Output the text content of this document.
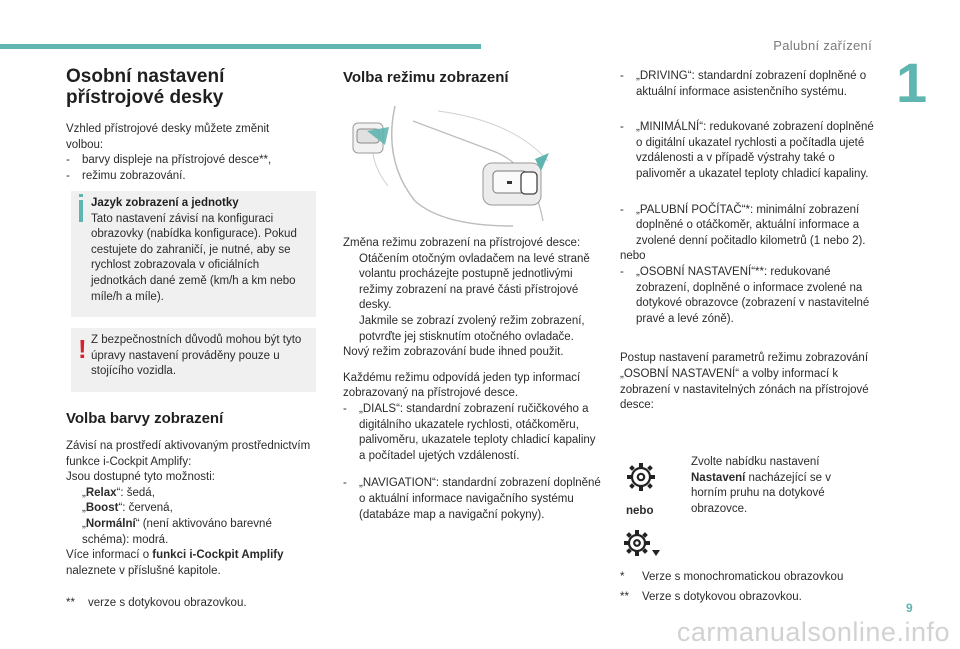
Palubní zařízení
1
Osobní nastavení
přístrojové desky

Vzhled přístrojové desky můžete změnit volbou:

- barvy displeje na přístrojové desce**,
- režimu zobrazování.

Jazyk zobrazení a jednotky

Tato nastavení závisí na konfiguraci obrazovky (nabídka konfigurace). Pokud cestujete do zahraničí, je nutné, aby se rychlost zobrazovala v oficiálních jednotkách dané země (km/h a km nebo míle/h a míle).

! Z bezpečnostních důvodů mohou být tyto úpravy nastavení prováděny pouze u stojícího vozidla.

Volba barvy zobrazení

Závisí na prostředí aktivovaným prostřednictvím funkce i-Cockpit Amplify:

Jsou dostupné tyto možnosti:

„Relax“: šedá,
„Boost“: červená,
„Normální“ (není aktivováno barevné schéma): modrá.

Více informací o funkci i-Cockpit Amplify naleznete v příslušné kapitole.

** verze s dotykovou obrazovkou.
Volba režimu zobrazení

Změna režimu zobrazení na přístrojové desce:

Otáčením otočným ovladačem na levé straně volantu procházejte postupně jednotlivými režimy zobrazení na pravé části přístrojové desky.
Jakmile se zobrazí zvolený režim zobrazení, potvrďte jej stisknutím otočného ovladače.

Nový režim zobrazování bude ihned použit.

Každému režimu odpovídá jeden typ informací zobrazovaný na přístrojové desce.

- „DIALS“: standardní zobrazení ručičkového a digitálního ukazatele rychlosti, otáčkoměru, palivoměru, ukazatele teploty chladicí kapaliny a počítadel ujetých vzdáleností.
- „NAVIGATION“: standardní zobrazení doplněné o aktuální informace navigačního systému (databáze map a navigační pokyny).
- „DRIVING“: standardní zobrazení doplněné o aktuální informace asistenčního systému.
- „MINIMÁLNÍ“: redukované zobrazení doplněné o digitální ukazatel rychlosti a počítadla ujeté vzdálenosti a v případě výstrahy také o palivoměr a ukazatel teploty chladicí kapaliny.
- „PALUBNÍ POČÍTAČ“*: minimální zobrazení doplněné o otáčkoměr, aktuální informace a zvolené denní počitadlo kilometrů (1 nebo 2).

nebo

- „OSOBNÍ NASTAVENÍ“**: redukované zobrazení, doplněné o informace zvolené na dotykové obrazovce (zobrazení v nastavitelné pravé a levé zóně).

Postup nastavení parametrů režimu zobrazování „OSOBNÍ NASTAVENÍ“ a volby informací k zobrazení v nastavitelných zónách na přístrojové desce:

nebo
Zvolte nabídku nastavení Nastavení nacházející se v horním pruhu na dotykové obrazovce.
* Verze s monochromatickou obrazovkou
** Verze s dotykovou obrazovkou.
9
carmanualsonline.info
